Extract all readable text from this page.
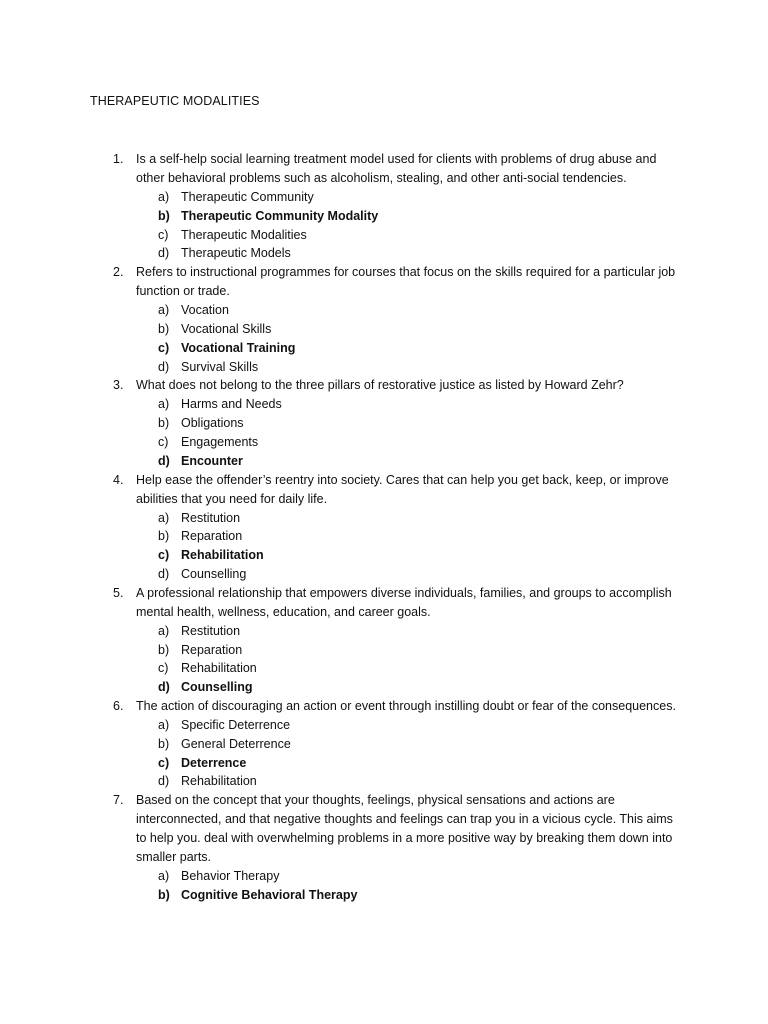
THERAPEUTIC MODALITIES
1.	Is a self-help social learning treatment model used for clients with problems of drug abuse and other behavioral problems such as alcoholism, stealing, and other anti-social tendencies.
a) Therapeutic Community
b) Therapeutic Community Modality
c) Therapeutic Modalities
d) Therapeutic Models
2.	Refers to instructional programmes for courses that focus on the skills required for a particular job function or trade.
a) Vocation
b) Vocational Skills
c) Vocational Training
d) Survival Skills
3.	What does not belong to the three pillars of restorative justice as listed by Howard Zehr?
a) Harms and Needs
b) Obligations
c) Engagements
d) Encounter
4.	Help ease the offender’s reentry into society. Cares that can help you get back, keep, or improve abilities that you need for daily life.
a) Restitution
b) Reparation
c) Rehabilitation
d) Counselling
5.	A professional relationship that empowers diverse individuals, families, and groups to accomplish mental health, wellness, education, and career goals.
a) Restitution
b) Reparation
c) Rehabilitation
d) Counselling
6.	The action of discouraging an action or event through instilling doubt or fear of the consequences.
a) Specific Deterrence
b) General Deterrence
c) Deterrence
d) Rehabilitation
7.	Based on the concept that your thoughts, feelings, physical sensations and actions are interconnected, and that negative thoughts and feelings can trap you in a vicious cycle. This aims to help you. deal with overwhelming problems in a more positive way by breaking them down into smaller parts.
a) Behavior Therapy
b) Cognitive Behavioral Therapy
